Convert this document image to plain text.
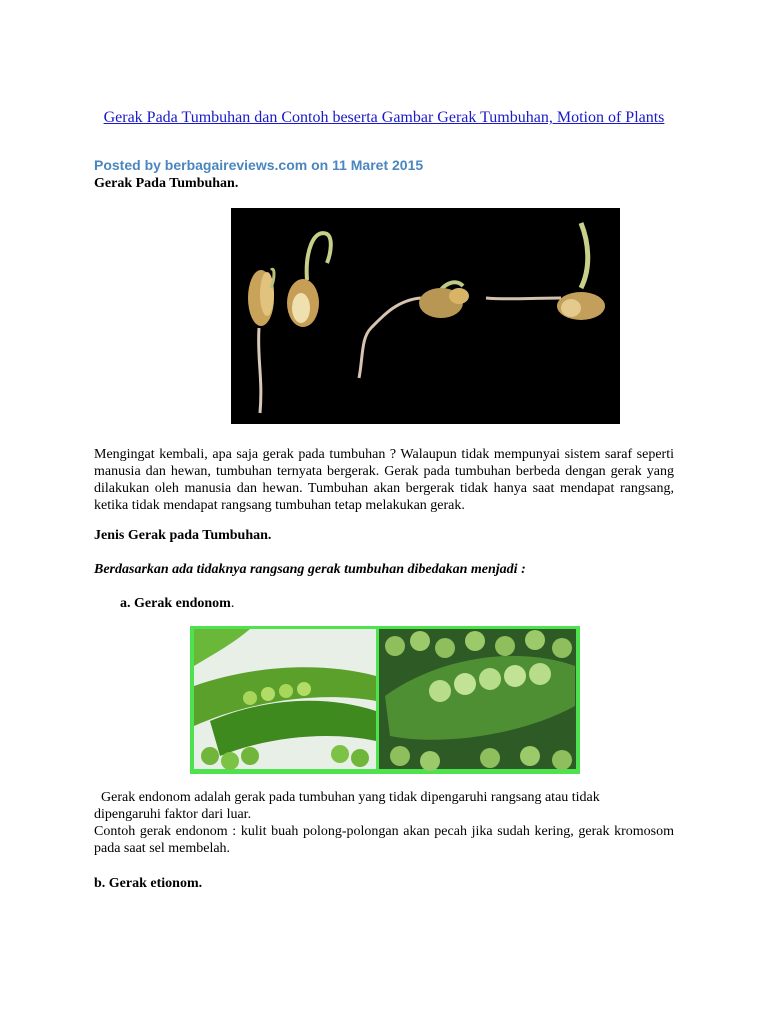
Gerak Pada Tumbuhan dan Contoh beserta Gambar Gerak Tumbuhan, Motion of Plants
Posted by berbagaireviews.com on 11 Maret 2015
Gerak Pada Tumbuhan.
Mengingat kembali, apa saja gerak pada tumbuhan ? Walaupun tidak mempunyai sistem saraf seperti manusia dan hewan, tumbuhan ternyata bergerak. Gerak pada tumbuhan berbeda dengan gerak yang dilakukan oleh manusia dan hewan. Tumbuhan akan bergerak tidak hanya saat mendapat rangsang, ketika tidak mendapat rangsang tumbuhan tetap melakukan gerak.
Jenis Gerak pada Tumbuhan.
Berdasarkan ada tidaknya rangsang gerak tumbuhan dibedakan menjadi :
a. Gerak endonom.
Gerak endonom adalah gerak pada tumbuhan yang tidak dipengaruhi rangsang atau tidak
dipengaruhi faktor dari luar.
Contoh gerak endonom : kulit buah polong-polongan akan pecah jika sudah kering, gerak kromosom pada saat sel membelah.
b. Gerak etionom.
